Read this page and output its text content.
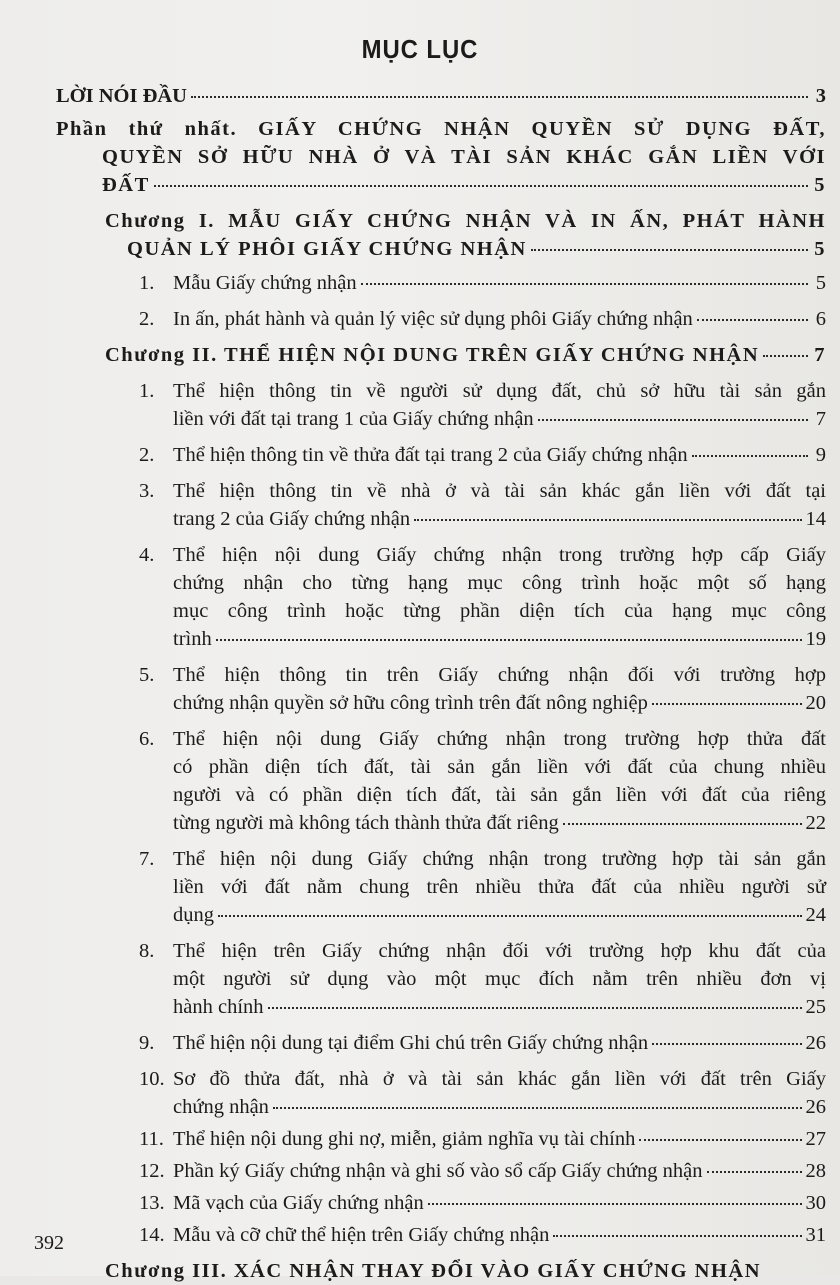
MỤC LỤC
LỜI NÓI ĐẦU	3
Phần thứ nhất. GIẤY CHỨNG NHẬN QUYỀN SỬ DỤNG ĐẤT,
QUYỀN SỞ HỮU NHÀ Ở VÀ TÀI SẢN KHÁC GẮN LIỀN VỚI
ĐẤT	5
Chương I. MẪU GIẤY CHỨNG NHẬN VÀ IN ẤN, PHÁT HÀNH
QUẢN LÝ PHÔI GIẤY CHỨNG NHẬN	5
1. Mẫu Giấy chứng nhận	5
2. In ấn, phát hành và quản lý việc sử dụng phôi Giấy chứng nhận	6
Chương II. THỂ HIỆN NỘI DUNG TRÊN GIẤY CHỨNG NHẬN	7
1. Thể hiện thông tin về người sử dụng đất, chủ sở hữu tài sản gắn
liền với đất tại trang 1 của Giấy chứng nhận	7
2. Thể hiện thông tin về thửa đất tại trang 2 của Giấy chứng nhận	9
3. Thể hiện thông tin về nhà ở và tài sản khác gắn liền với đất tại
trang 2 của Giấy chứng nhận	14
4. Thể hiện nội dung Giấy chứng nhận trong trường hợp cấp Giấy
chứng nhận cho từng hạng mục công trình hoặc một số hạng
mục công trình hoặc từng phần diện tích của hạng mục công
trình	19
5. Thể hiện thông tin trên Giấy chứng nhận đối với trường hợp
chứng nhận quyền sở hữu công trình trên đất nông nghiệp	20
6. Thể hiện nội dung Giấy chứng nhận trong trường hợp thửa đất
có phần diện tích đất, tài sản gắn liền với đất của chung nhiều
người và có phần diện tích đất, tài sản gắn liền với đất của riêng
từng người mà không tách thành thửa đất riêng	22
7. Thể hiện nội dung Giấy chứng nhận trong trường hợp tài sản gắn
liền với đất nằm chung trên nhiều thửa đất của nhiều người sử
dụng	24
8. Thể hiện trên Giấy chứng nhận đối với trường hợp khu đất của
một người sử dụng vào một mục đích nằm trên nhiều đơn vị
hành chính	25
9. Thể hiện nội dung tại điểm Ghi chú trên Giấy chứng nhận	26
10. Sơ đồ thửa đất, nhà ở và tài sản khác gắn liền với đất trên Giấy
chứng nhận	26
11. Thể hiện nội dung ghi nợ, miễn, giảm nghĩa vụ tài chính	27
12. Phần ký Giấy chứng nhận và ghi số vào sổ cấp Giấy chứng nhận	28
13. Mã vạch của Giấy chứng nhận	30
14. Mẫu và cỡ chữ thể hiện trên Giấy chứng nhận	31
Chương III. XÁC NHẬN THAY ĐỔI VÀO GIẤY CHỨNG NHẬN
392
